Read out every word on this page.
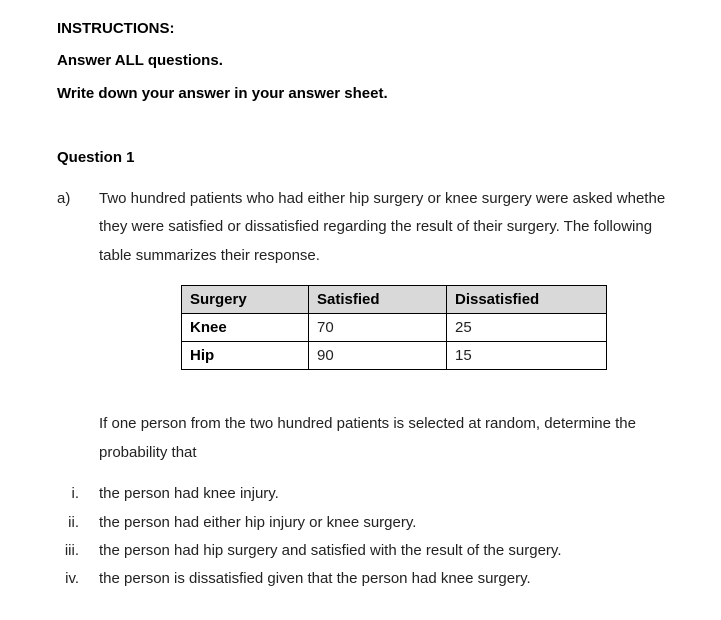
INSTRUCTIONS:
Answer ALL questions.
Write down your answer in your answer sheet.
Question 1
a) Two hundred patients who had either hip surgery or knee surgery were asked whethe
they were satisfied or dissatisfied regarding the result of their surgery. The following
table summarizes their response.
Surgery	Satisfied	Dissatisfied
Knee	70	25
Hip	90	15
If one person from the two hundred patients is selected at random, determine the
probability that
i. the person had knee injury.
ii. the person had either hip injury or knee surgery.
iii. the person had hip surgery and satisfied with the result of the surgery.
iv. the person is dissatisfied given that the person had knee surgery.
